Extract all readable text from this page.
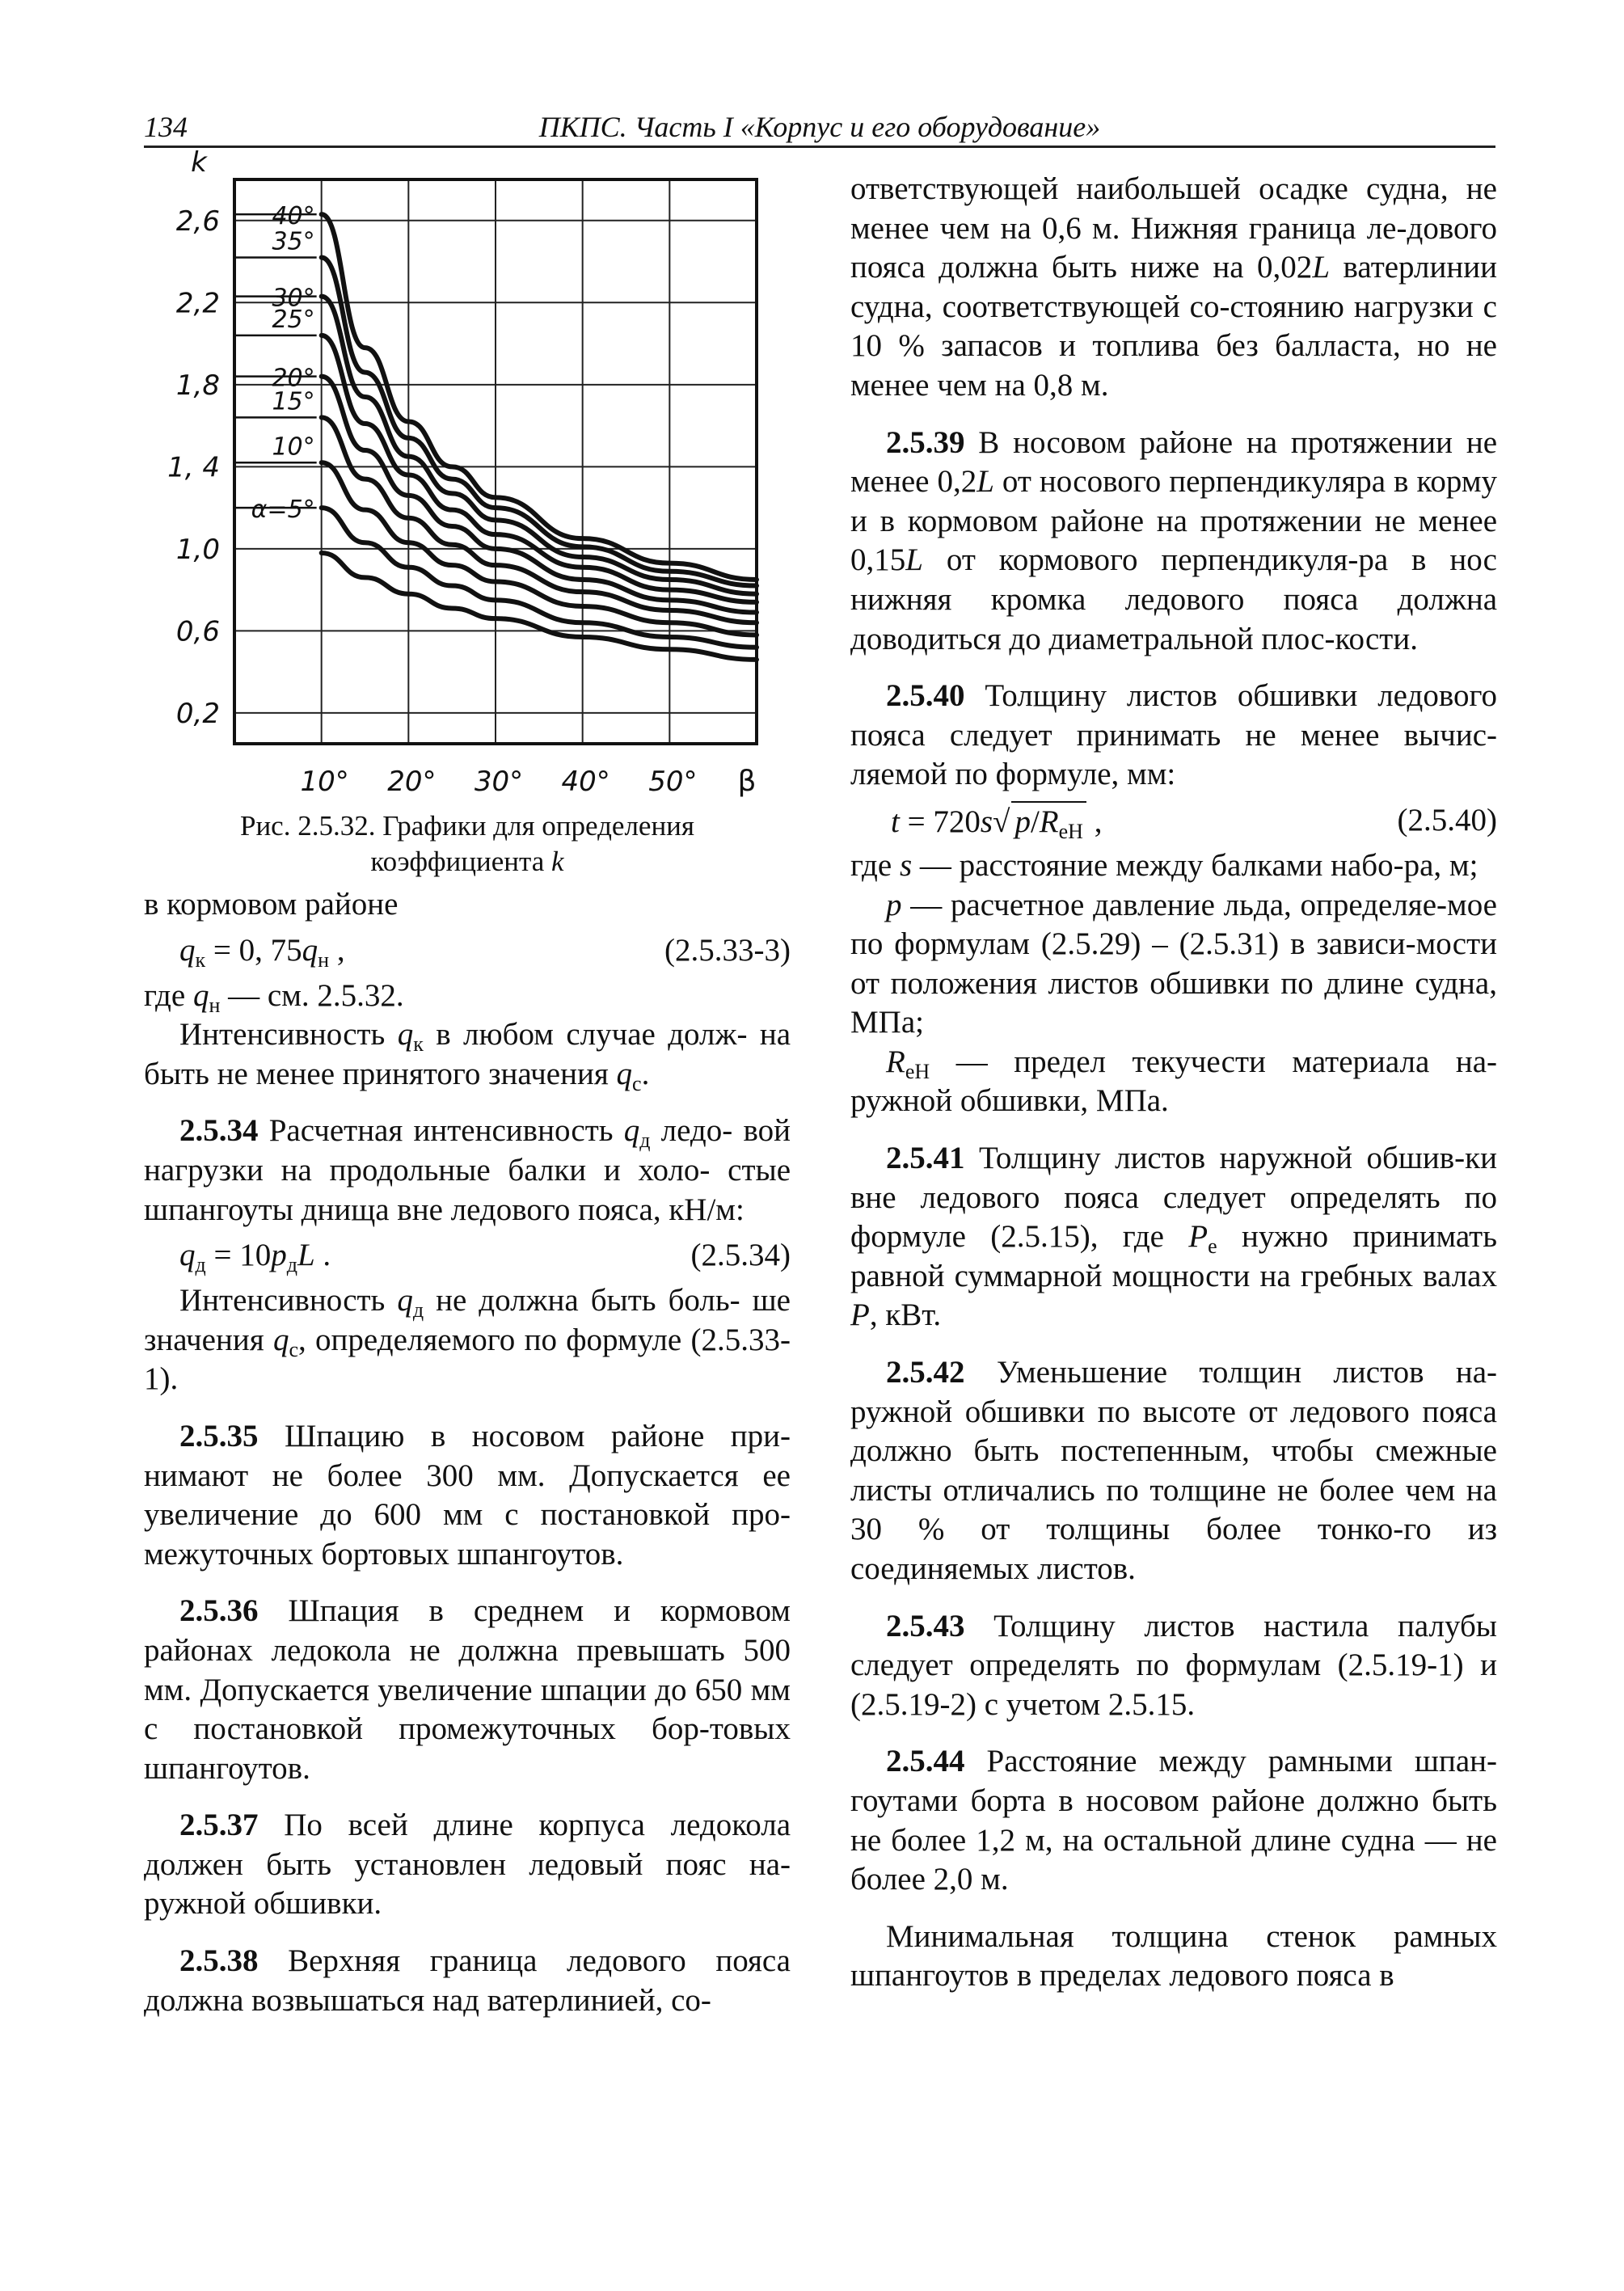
134	ПКПС. Часть I «Корпус и его оборудование»
2,6
2,2
1,8
1, 4
1,0
0,6
0,2
10° 20° 30° 40° 50° β
k
40°
35°
30°
25°
20°
15°
10°
α=5°
Рис. 2.5.32. Графики для определения
коэффициента k

в кормовом районе

$q_к = 0$, $75q_н$ ,	(2.5.33-3)

где $q_н$ — см. 2.5.32.

Интенсивность $q_к$ в любом случае долж- на быть не менее принятого значения $q_с$.

2.5.34 Расчетная интенсивность $q_д$ ледо- вой нагрузки на продольные балки и холо- стые шпангоуты днища вне ледового пояса, кН/м:

$q_д = 10p_дL$ .	(2.5.34)

Интенсивность $q_д$ не должна быть боль- ше значения $q_с$, определяемого по формуле (2.5.33-1).

2.5.35 Шпацию в носовом районе при-нимают не более 300 мм. Допускается ее увеличение до 600 мм с постановкой про-межуточных бортовых шпангоутов.

2.5.36 Шпация в среднем и кормовом районах ледокола не должна превышать 500 мм. Допускается увеличение шпации до 650 мм с постановкой промежуточных бор-товых шпангоутов.

2.5.37 По всей длине корпуса ледокола должен быть установлен ледовый пояс на-ружной обшивки.

2.5.38 Верхняя граница ледового пояса должна возвышаться над ватерлинией, со-

ответствующей наибольшей осадке судна, не менее чем на 0,6 м. Нижняя граница ле-дового пояса должна быть ниже на 0,02L ватерлинии судна, соответствующей со-стоянию нагрузки с 10 % запасов и топлива без балласта, но не менее чем на 0,8 м.

2.5.39 В носовом районе на протяжении не менее 0,2L от носового перпендикуляра в корму и в кормовом районе на протяжении не менее 0,15L от кормового перпендикуля-ра в нос нижняя кромка ледового пояса должна доводиться до диаметральной плос-кости.

2.5.40 Толщину листов обшивки ледового пояса следует принимать не менее вычис-ляемой по формуле, мм:

t = 720s√ $p/R_{eH}$ ,	(2.5.40)

где s — расстояние между балками набо-ра, м;

p — расчетное давление льда, определяе-мое по формулам (2.5.29) – (2.5.31) в зависи-мости от положения листов обшивки по длине судна, МПа;

$R_{eH}$ — предел текучести материала на-ружной обшивки, МПа.

2.5.41 Толщину листов наружной обшив-ки вне ледового пояса следует определять по формуле (2.5.15), где $P_e$ нужно принимать равной суммарной мощности на гребных валах P, кВт.

2.5.42 Уменьшение толщин листов на-ружной обшивки по высоте от ледового пояса должно быть постепенным, чтобы смежные листы отличались по толщине не более чем на 30 % от толщины более тонко-го из соединяемых листов.

2.5.43 Толщину листов настила палубы следует определять по формулам (2.5.19-1) и (2.5.19-2) с учетом 2.5.15.

2.5.44 Расстояние между рамными шпан-гоутами борта в носовом районе должно быть не более 1,2 м, на остальной длине судна — не более 2,0 м.

Минимальная толщина стенок рамных шпангоутов в пределах ледового пояса в
